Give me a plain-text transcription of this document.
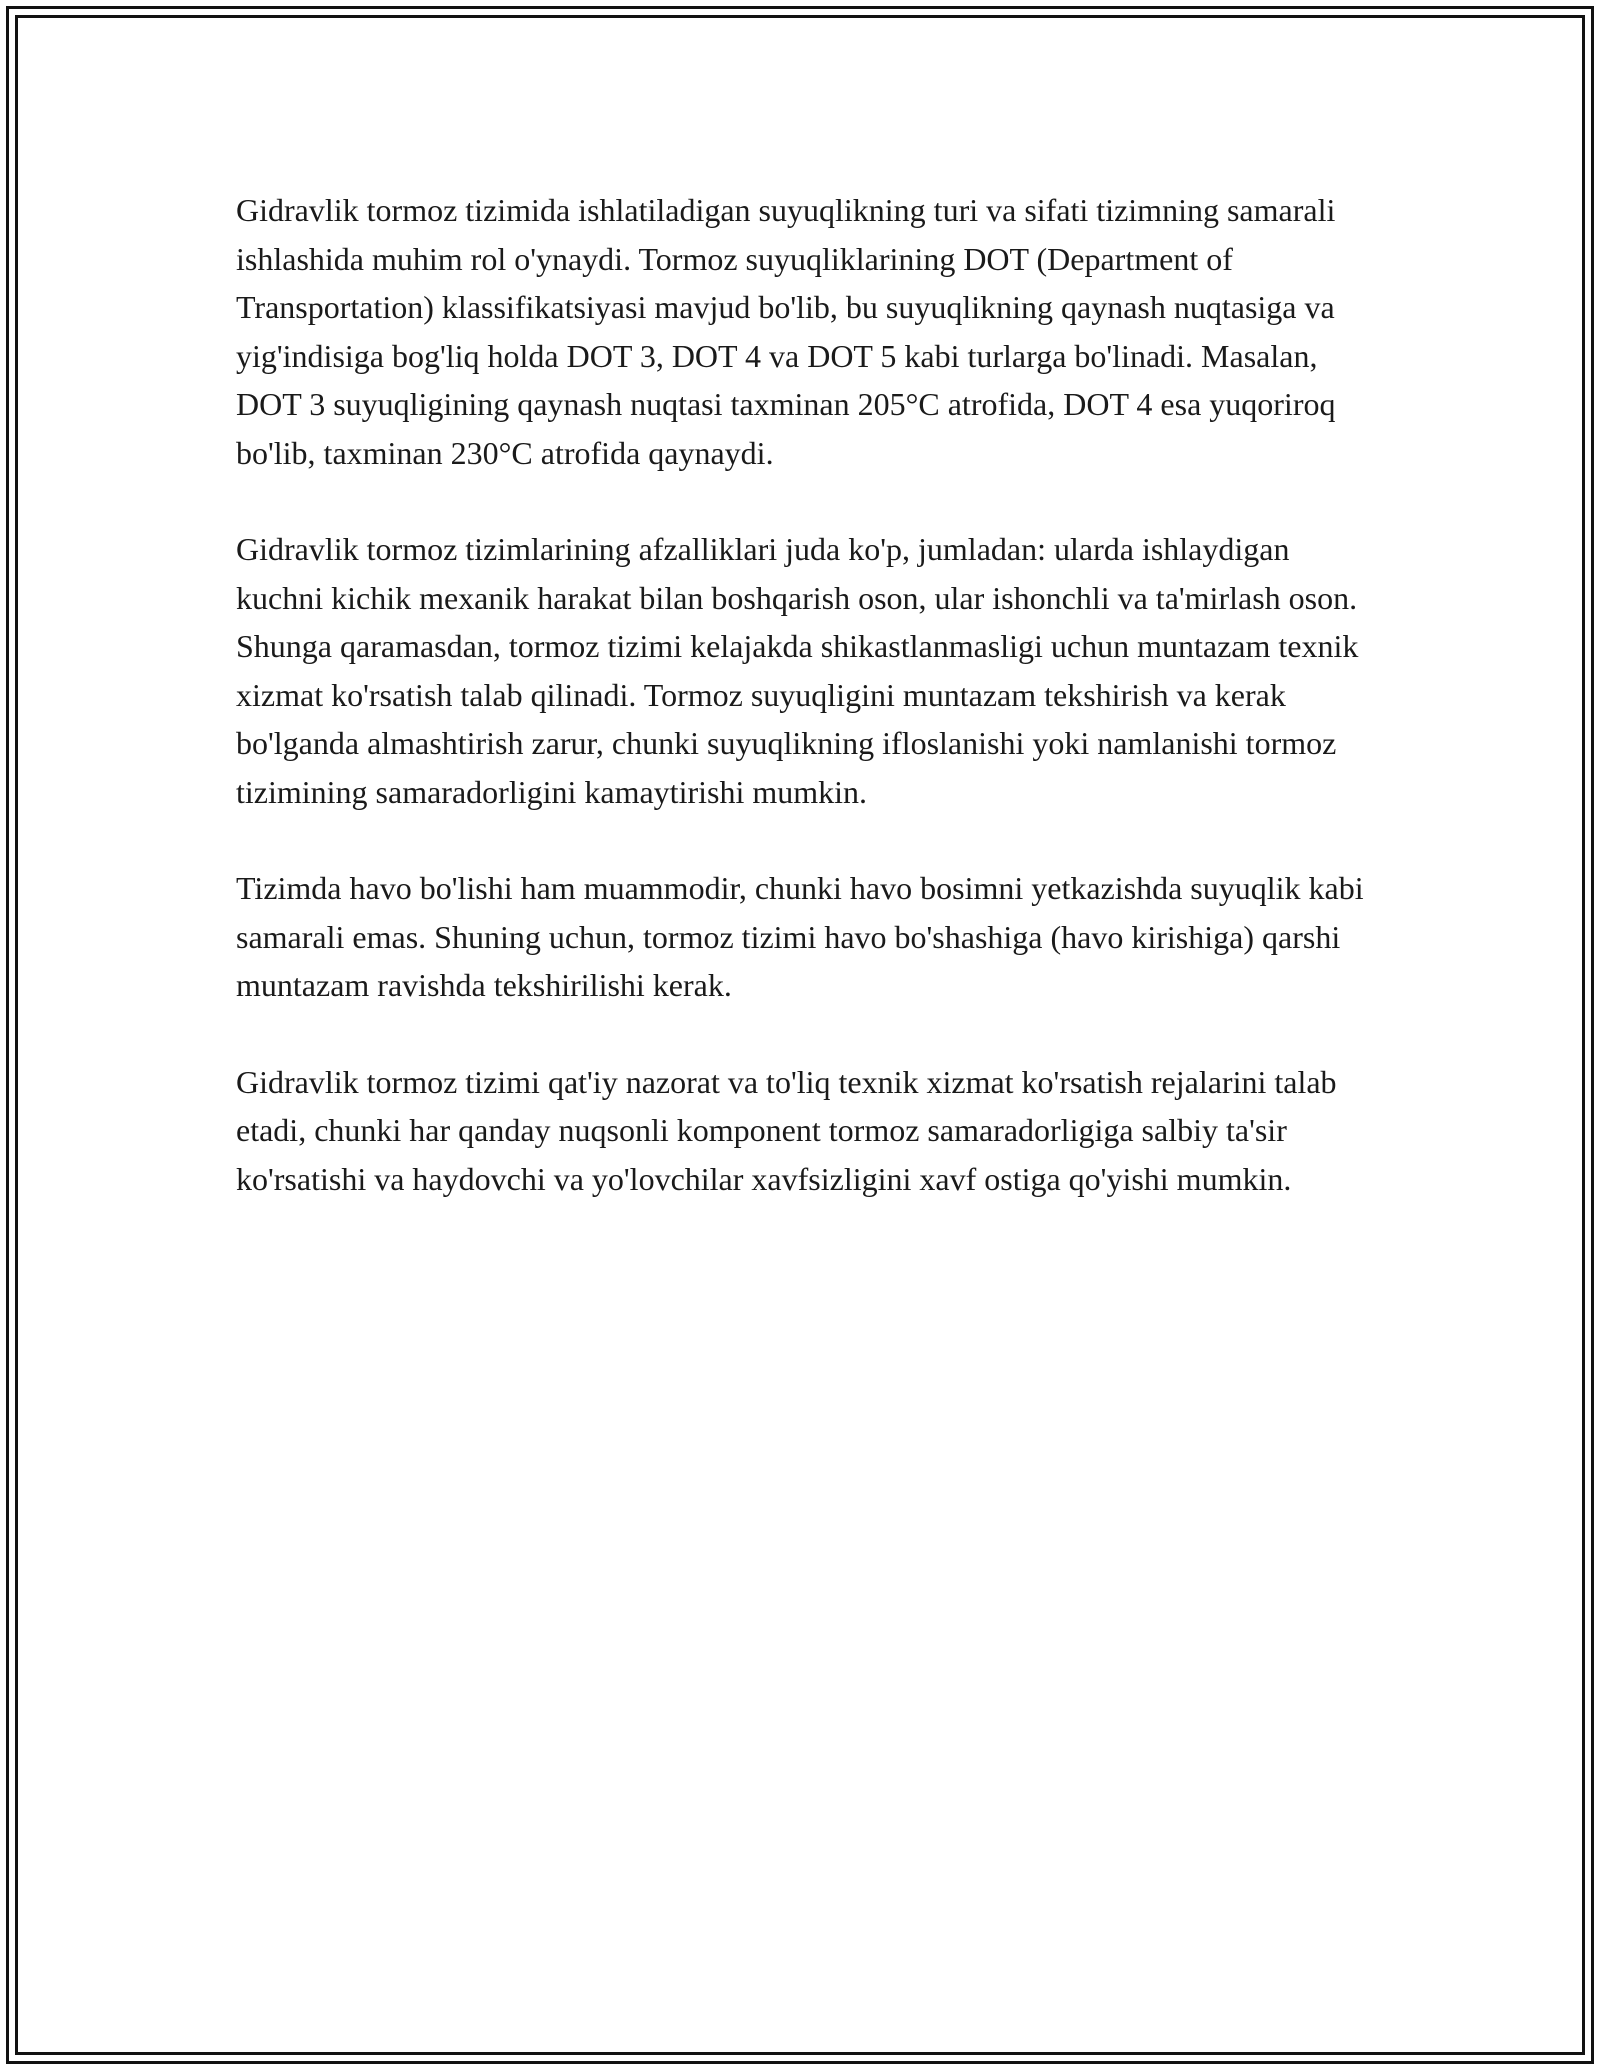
Gidravlik tormoz tizimida ishlatiladigan suyuqlikning turi va sifati tizimning samarali ishlashida muhim rol o'ynaydi. Tormoz suyuqliklarining DOT (Department of Transportation) klassifikatsiyasi mavjud bo'lib, bu suyuqlikning qaynash nuqtasiga va yig'indisiga bog'liq holda DOT 3, DOT 4 va DOT 5 kabi turlarga bo'linadi. Masalan, DOT 3 suyuqligining qaynash nuqtasi taxminan 205°C atrofida, DOT 4 esa yuqoriroq bo'lib, taxminan 230°C atrofida qaynaydi.

Gidravlik tormoz tizimlarining afzalliklari juda ko'p, jumladan: ularda ishlaydigan kuchni kichik mexanik harakat bilan boshqarish oson, ular ishonchli va ta'mirlash oson. Shunga qaramasdan, tormoz tizimi kelajakda shikastlanmasligi uchun muntazam texnik xizmat ko'rsatish talab qilinadi. Tormoz suyuqligini muntazam tekshirish va kerak bo'lganda almashtirish zarur, chunki suyuqlikning ifloslanishi yoki namlanishi tormoz tizimining samaradorligini kamaytirishi mumkin.

Tizimda havo bo'lishi ham muammodir, chunki havo bosimni yetkazishda suyuqlik kabi samarali emas. Shuning uchun, tormoz tizimi havo bo'shashiga (havo kirishiga) qarshi muntazam ravishda tekshirilishi kerak.

Gidravlik tormoz tizimi qat'iy nazorat va to'liq texnik xizmat ko'rsatish rejalarini talab etadi, chunki har qanday nuqsonli komponent tormoz samaradorligiga salbiy ta'sir ko'rsatishi va haydovchi va yo'lovchilar xavfsizligini xavf ostiga qo'yishi mumkin.
